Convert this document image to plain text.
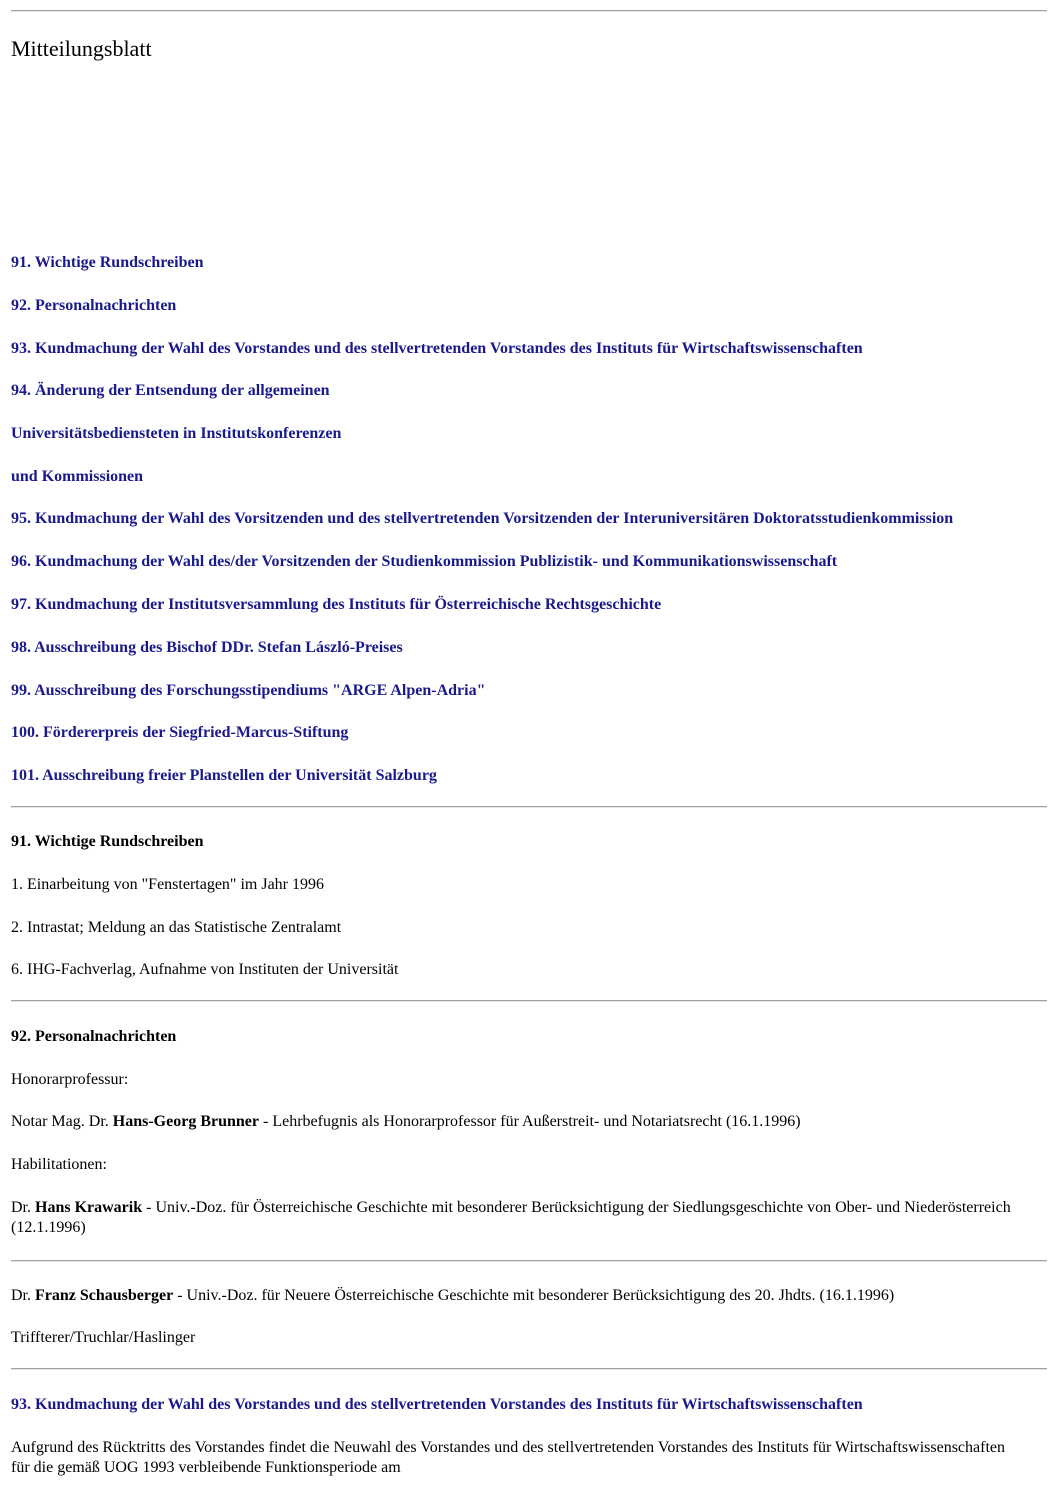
Mitteilungsblatt
91. Wichtige Rundschreiben
92. Personalnachrichten
93. Kundmachung der Wahl des Vorstandes und des stellvertretenden Vorstandes des Instituts für Wirtschaftswissenschaften
94. Änderung der Entsendung der allgemeinen
Universitätsbediensteten in Institutskonferenzen
und Kommissionen
95. Kundmachung der Wahl des Vorsitzenden und des stellvertretenden Vorsitzenden der Interuniversitären Doktoratsstudienkommission
96. Kundmachung der Wahl des/der Vorsitzenden der Studienkommission Publizistik- und Kommunikationswissenschaft
97. Kundmachung der Institutsversammlung des Instituts für Österreichische Rechtsgeschichte
98. Ausschreibung des Bischof DDr. Stefan László-Preises
99. Ausschreibung des Forschungsstipendiums "ARGE Alpen-Adria"
100. Fördererpreis der Siegfried-Marcus-Stiftung
101. Ausschreibung freier Planstellen der Universität Salzburg
91. Wichtige Rundschreiben
1. Einarbeitung von "Fenstertagen" im Jahr 1996
2. Intrastat; Meldung an das Statistische Zentralamt
6. IHG-Fachverlag, Aufnahme von Instituten der Universität
92. Personalnachrichten
Honorarprofessur:
Notar Mag. Dr. Hans-Georg Brunner - Lehrbefugnis als Honorarprofessor für Außerstreit- und Notariatsrecht (16.1.1996)
Habilitationen:
Dr. Hans Krawarik - Univ.-Doz. für Österreichische Geschichte mit besonderer Berücksichtigung der Siedlungsgeschichte von Ober- und Niederösterreich (12.1.1996)
Dr. Franz Schausberger - Univ.-Doz. für Neuere Österreichische Geschichte mit besonderer Berücksichtigung des 20. Jhdts. (16.1.1996)
Triffterer/Truchlar/Haslinger
93. Kundmachung der Wahl des Vorstandes und des stellvertretenden Vorstandes des Instituts für Wirtschaftswissenschaften
Aufgrund des Rücktritts des Vorstandes findet die Neuwahl des Vorstandes und des stellvertretenden Vorstandes des Instituts für Wirtschaftswissenschaften für die gemäß UOG 1993 verbleibende Funktionsperiode am
